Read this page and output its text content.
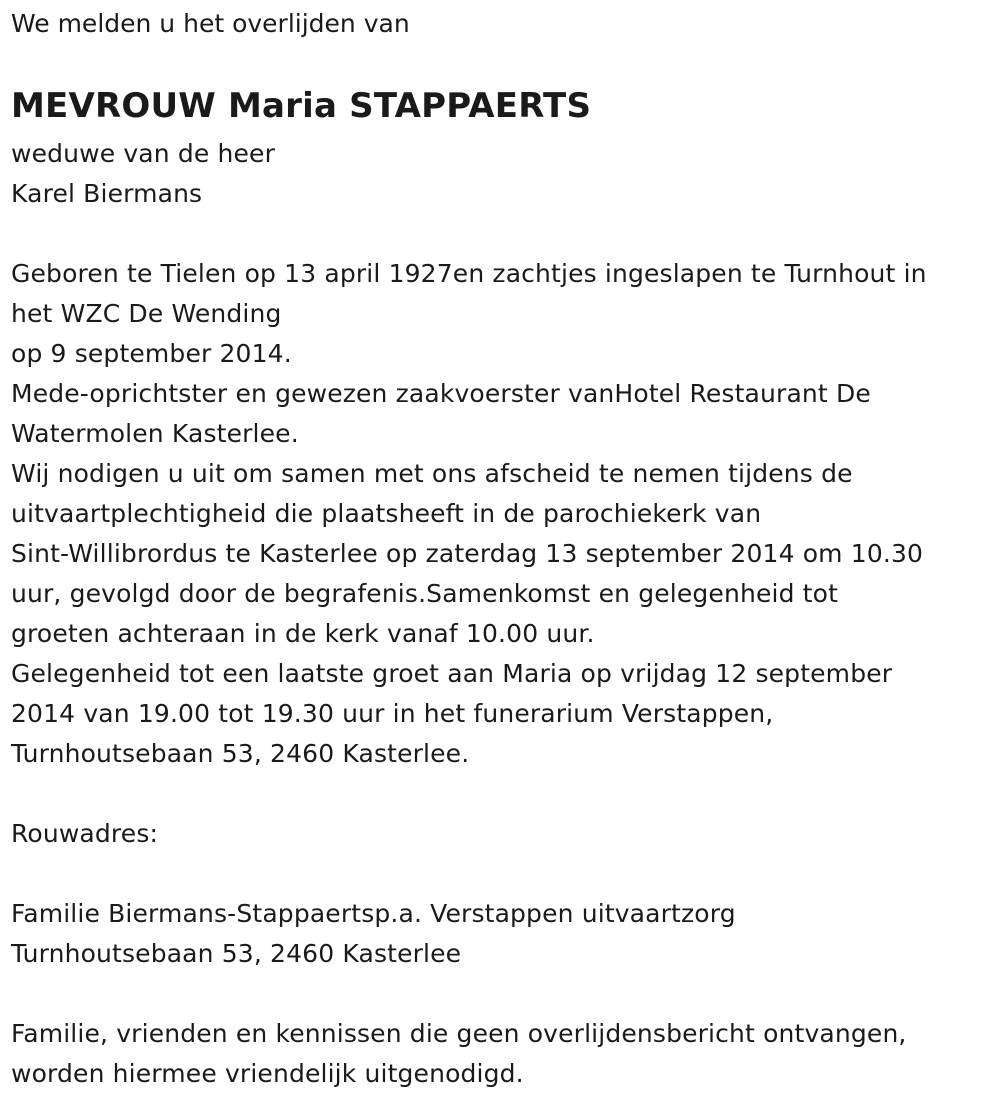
We melden u het overlijden van
MEVROUW Maria STAPPAERTS
weduwe van de heer
Karel Biermans
Geboren te Tielen op 13 april 1927en zachtjes ingeslapen te Turnhout in
het WZC De Wending
op 9 september 2014.
Mede-oprichtster en gewezen zaakvoerster vanHotel Restaurant De
Watermolen Kasterlee.
Wij nodigen u uit om samen met ons afscheid te nemen tijdens de
uitvaartplechtigheid die plaatsheeft in de parochiekerk van
Sint-Willibrordus te Kasterlee op zaterdag 13 september 2014 om 10.30
uur, gevolgd door de begrafenis.Samenkomst en gelegenheid tot
groeten achteraan in de kerk vanaf 10.00 uur.
Gelegenheid tot een laatste groet aan Maria op vrijdag 12 september
2014 van 19.00 tot 19.30 uur in het funerarium Verstappen,
Turnhoutsebaan 53, 2460 Kasterlee.
Rouwadres:
Familie Biermans-Stappaertsp.a. Verstappen uitvaartzorg
Turnhoutsebaan 53, 2460 Kasterlee
Familie, vrienden en kennissen die geen overlijdensbericht ontvangen,
worden hiermee vriendelijk uitgenodigd.
